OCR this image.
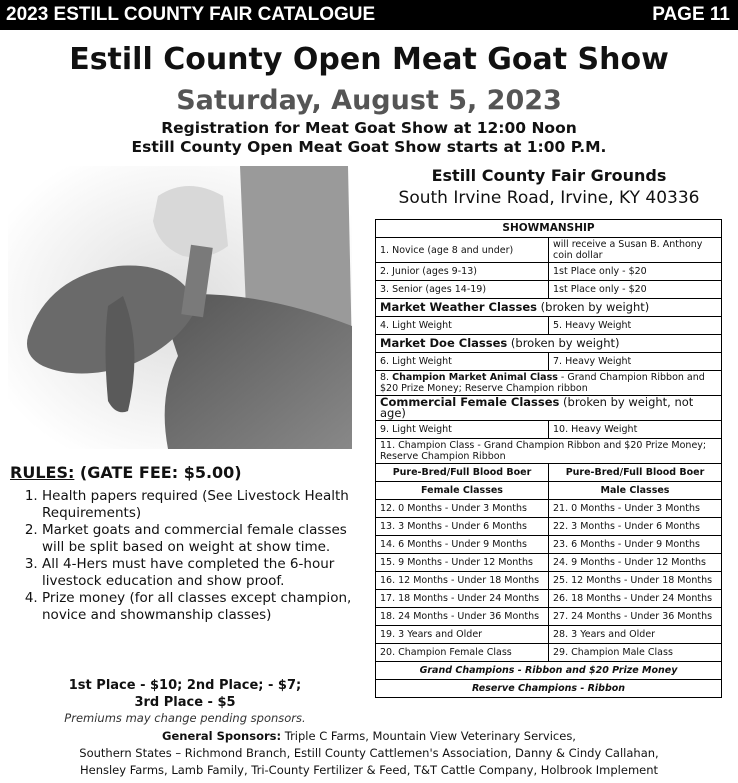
2023 ESTILL COUNTY FAIR CATALOGUE	PAGE 11
Estill County Open Meat Goat Show
Saturday, August 5, 2023
Registration for Meat Goat Show at 12:00 Noon
Estill County Open Meat Goat Show starts at 1:00 P.M.
Estill County Fair Grounds
South Irvine Road, Irvine, KY 40336
SHOWMANSHIP	
1. Novice (age 8 and under)	will receive a Susan B. Anthony coin dollar
2. Junior (ages 9-13)	1st Place only - $20
3. Senior (ages 14-19)	1st Place only - $20
Market Weather Classes (broken by weight)	
4. Light Weight	5. Heavy Weight
Market Doe Classes (broken by weight)	
6. Light Weight	7. Heavy Weight
8. Champion Market Animal Class - Grand Champion Ribbon and $20 Prize Money; Reserve Champion ribbon	
Commercial Female Classes (broken by weight, not age)	
9. Light Weight	10. Heavy Weight
11. Champion Class - Grand Champion Ribbon and $20 Prize Money; Reserve Champion Ribbon	
Pure-Bred/Full Blood Boer	Pure-Bred/Full Blood Boer
Female Classes	Male Classes
12. 0 Months - Under 3 Months	21. 0 Months - Under 3 Months
13. 3 Months - Under 6 Months	22. 3 Months - Under 6 Months
14. 6 Months - Under 9 Months	23. 6 Months - Under 9 Months
15. 9 Months - Under 12 Months	24. 9 Months - Under 12 Months
16. 12 Months - Under 18 Months	25. 12 Months - Under 18 Months
17. 18 Months - Under 24 Months	26. 18 Months - Under 24 Months
18. 24 Months - Under 36 Months	27. 24 Months - Under 36 Months
19. 3 Years and Older	28. 3 Years and Older
20. Champion Female Class	29. Champion Male Class
Grand Champions - Ribbon and $20 Prize Money	
Reserve Champions - Ribbon	
RULES: (GATE FEE: $5.00)
1. Health papers required (See Livestock Health Requirements)
2. Market goats and commercial female classes will be split based on weight at show time.
3. All 4-Hers must have completed the 6-hour livestock education and show proof.
4. Prize money (for all classes except champion, novice and showmanship classes)
1st Place - $10; 2nd Place; - $7;
3rd Place - $5
Premiums may change pending sponsors.
General Sponsors: Triple C Farms, Mountain View Veterinary Services,
Southern States – Richmond Branch, Estill County Cattlemen's Association, Danny & Cindy Callahan,
Hensley Farms, Lamb Family, Tri-County Fertilizer & Feed, T&T Cattle Company, Holbrook Implement
